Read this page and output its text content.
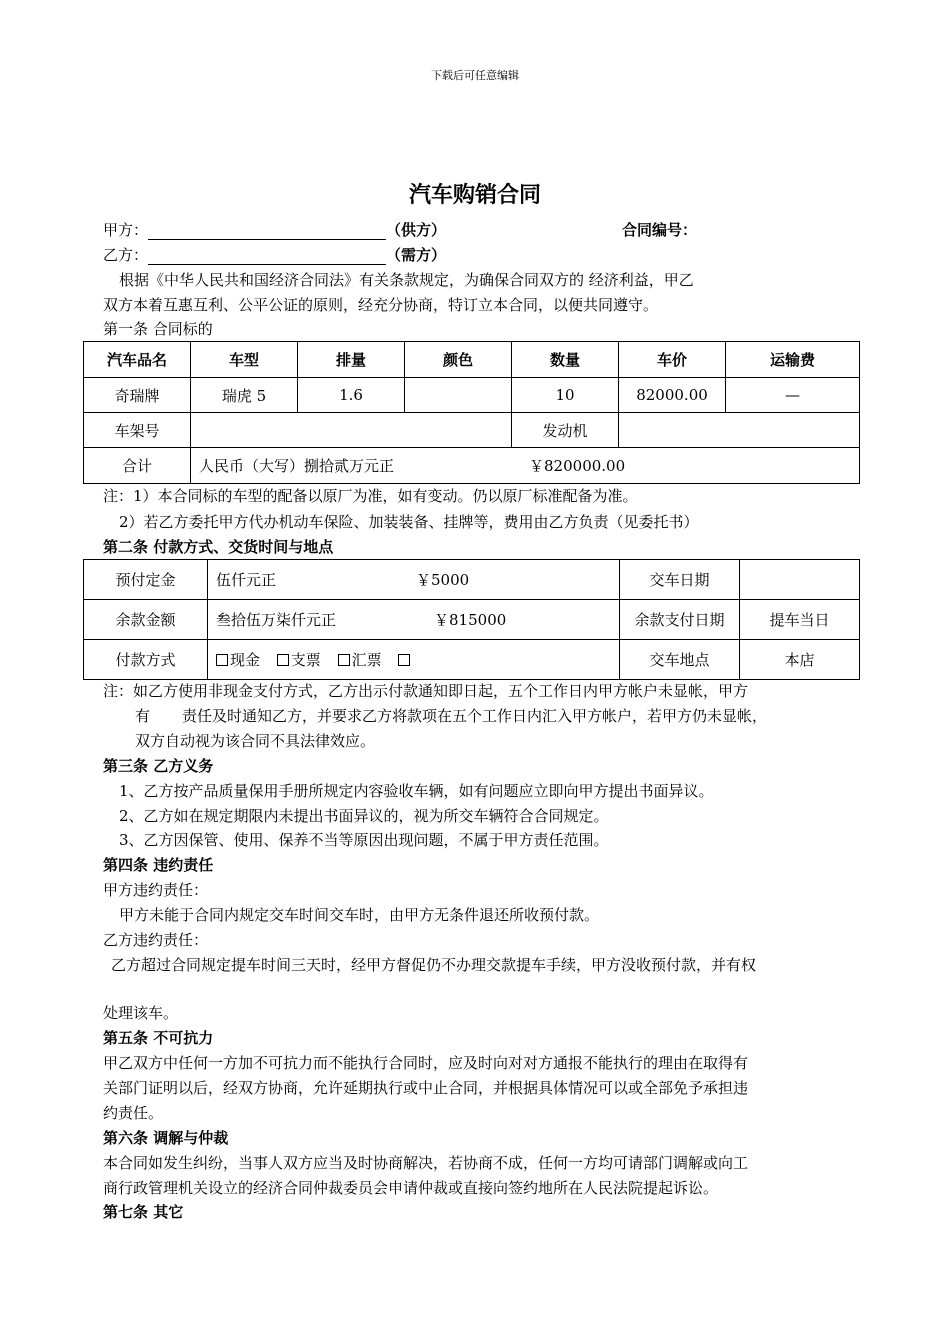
下载后可任意编辑
汽车购销合同
甲方：	（供方）	合同编号：
乙方：	（需方）
根据《中华人民共和国经济合同法》有关条款规定，为确保合同双方的 经济利益，甲乙
双方本着互惠互利、公平公证的原则，经充分协商，特订立本合同，以便共同遵守。
第一条 合同标的
汽车品名	车型	排量	颜色	数量	车价	运输费
奇瑞牌	瑞虎 5	1.6		10	82000.00	—
车架号				发动机		
合计	人民币（大写）捌拾贰万元正 ￥820000.00					
注：1）本合同标的车型的配备以原厂为准，如有变动。仍以原厂标准配备为准。
2）若乙方委托甲方代办机动车保险、加装装备、挂牌等，费用由乙方负责（见委托书）
第二条 付款方式、交货时间与地点
预付定金	伍仟元正 ￥5000	交车日期	
余款金额	叁拾伍万柒仟元正 ￥815000	余款支付日期	提车当日
付款方式	现金 支票 汇票	交车地点	本店
注：如乙方使用非现金支付方式，乙方出示付款通知即日起，五个工作日内甲方帐户未显帐，甲方
有 责任及时通知乙方，并要求乙方将款项在五个工作日内汇入甲方帐户，若甲方仍未显帐，
双方自动视为该合同不具法律效应。
第三条 乙方义务
1、乙方按产品质量保用手册所规定内容验收车辆，如有问题应立即向甲方提出书面异议。
2、乙方如在规定期限内未提出书面异议的，视为所交车辆符合合同规定。
3、乙方因保管、使用、保养不当等原因出现问题，不属于甲方责任范围。
第四条 违约责任
甲方违约责任：
甲方未能于合同内规定交车时间交车时，由甲方无条件退还所收预付款。
乙方违约责任：
乙方超过合同规定提车时间三天时，经甲方督促仍不办理交款提车手续，甲方没收预付款，并有权
处理该车。
第五条 不可抗力
甲乙双方中任何一方加不可抗力而不能执行合同时，应及时向对对方通报不能执行的理由在取得有
关部门证明以后，经双方协商，允许延期执行或中止合同，并根据具体情况可以或全部免予承担违
约责任。
第六条 调解与仲裁
本合同如发生纠纷，当事人双方应当及时协商解决，若协商不成，任何一方均可请部门调解或向工
商行政管理机关设立的经济合同仲裁委员会申请仲裁或直接向签约地所在人民法院提起诉讼。
第七条 其它
